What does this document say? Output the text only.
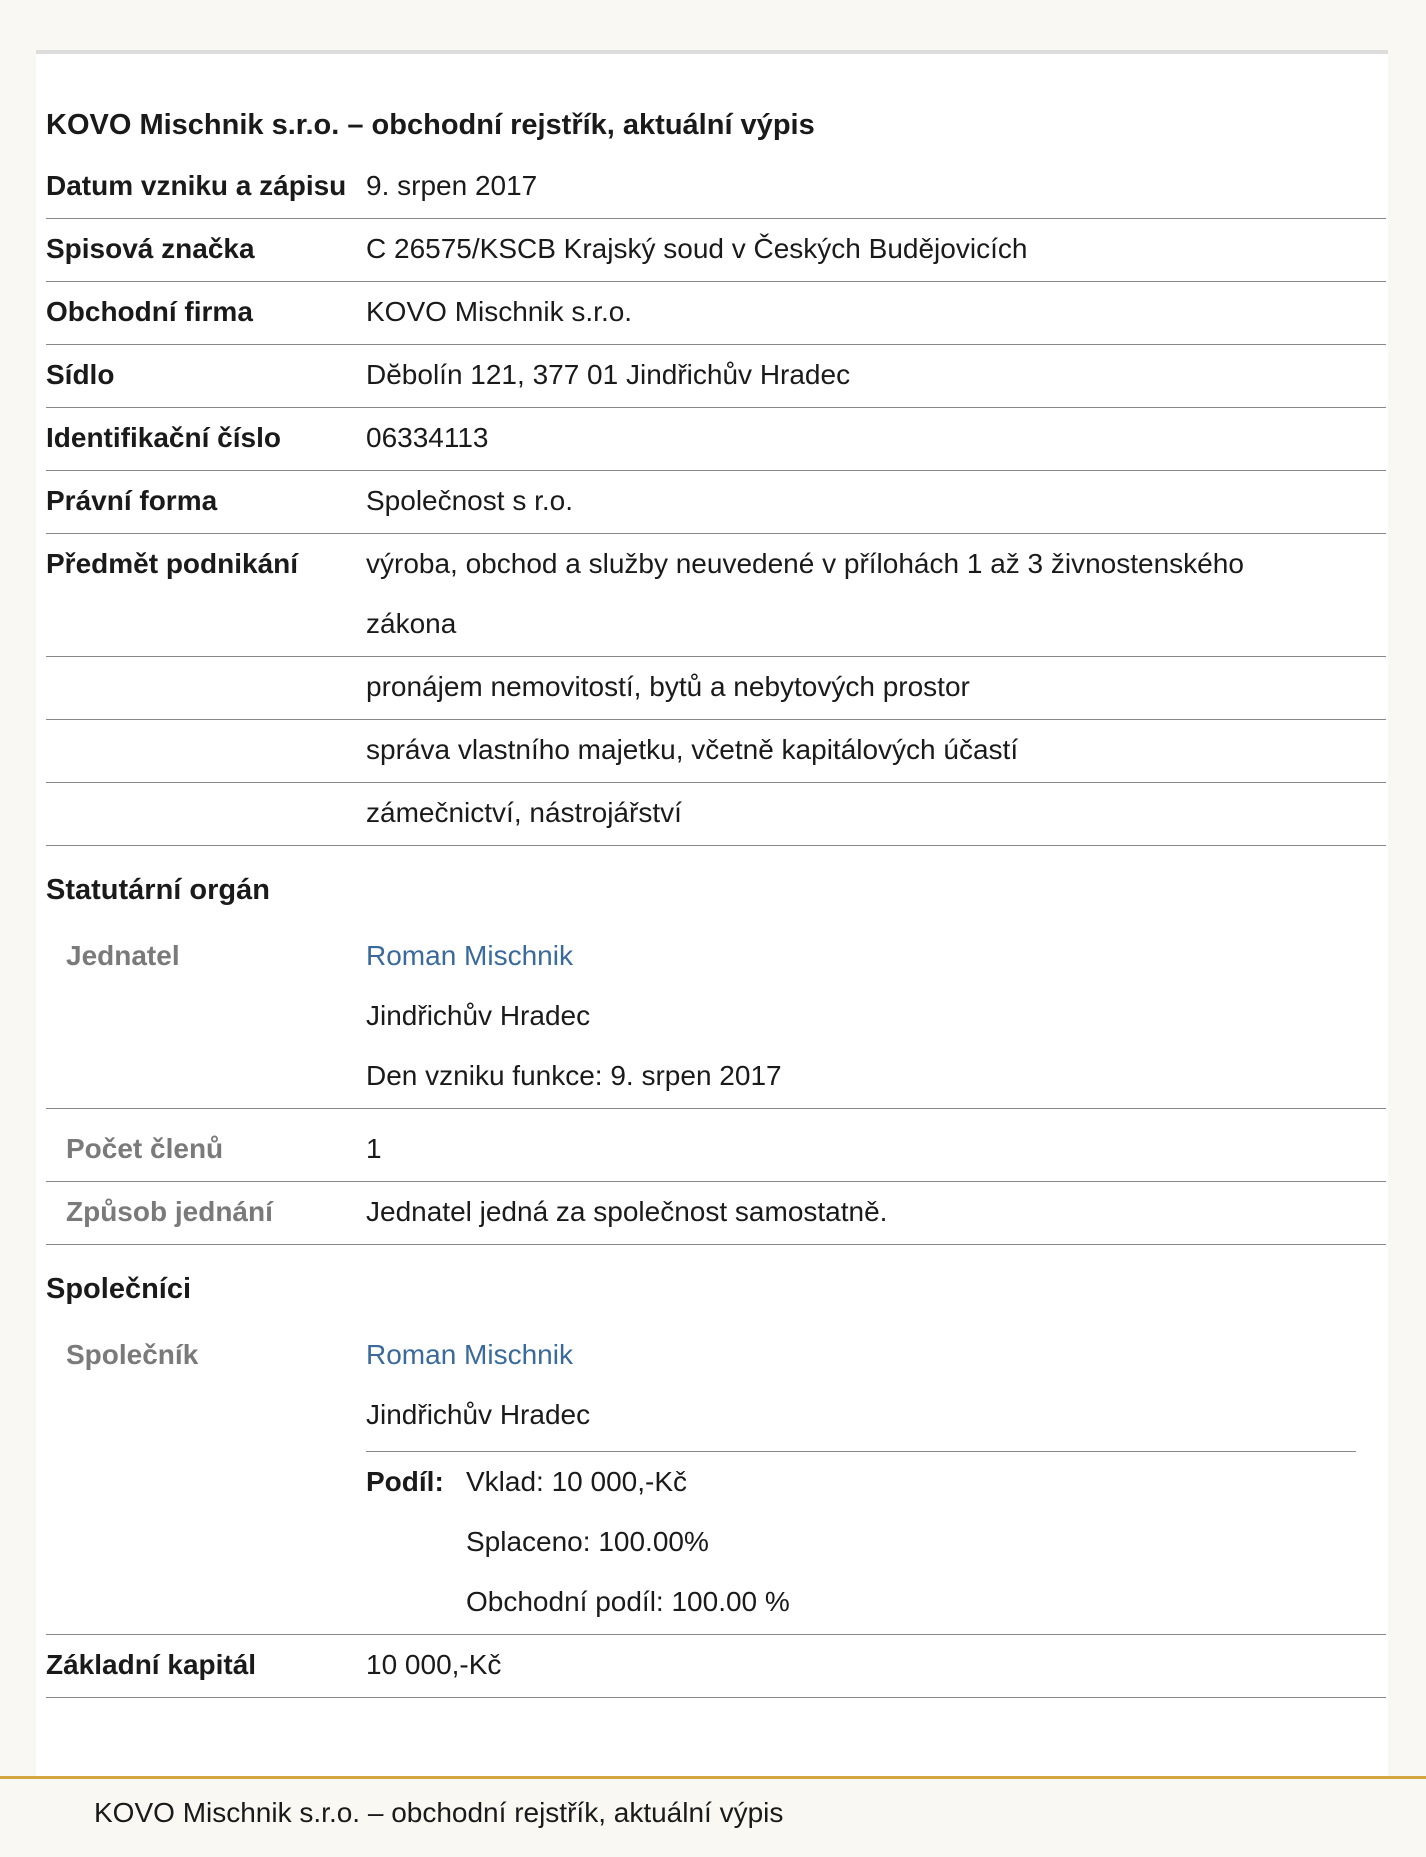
KOVO Mischnik s.r.o. – obchodní rejstřík, aktuální výpis
Datum vzniku a zápisu 9. srpen 2017
Spisová značka	C 26575/KSCB Krajský soud v Českých Budějovicích
Obchodní firma	KOVO Mischnik s.r.o.
Sídlo	Dĕbolín 121, 377 01 Jindřichův Hradec
Identifikační číslo	06334113
Právní forma	Společnost s r.o.
Předmět podnikání	výroba, obchod a služby neuvedené v přílohách 1 až 3 živnostenského zákona
pronájem nemovitostí, bytů a nebytových prostor
správa vlastního majetku, včetně kapitálových účastí
zámečnictví, nástrojářství
Statutární orgán
Jednatel	Roman Mischnik
Jindřichův Hradec
Den vzniku funkce: 9. srpen 2017
Počet členů	1
Způsob jednání	Jednatel jedná za společnost samostatně.
Společníci
Společník	Roman Mischnik
Jindřichův Hradec
Podíl: Vklad: 10 000,-Kč
Splaceno: 100.00%
Obchodní podíl: 100.00 %
Základní kapitál	10 000,-Kč
KOVO Mischnik s.r.o. – obchodní rejstřík, aktuální výpis
